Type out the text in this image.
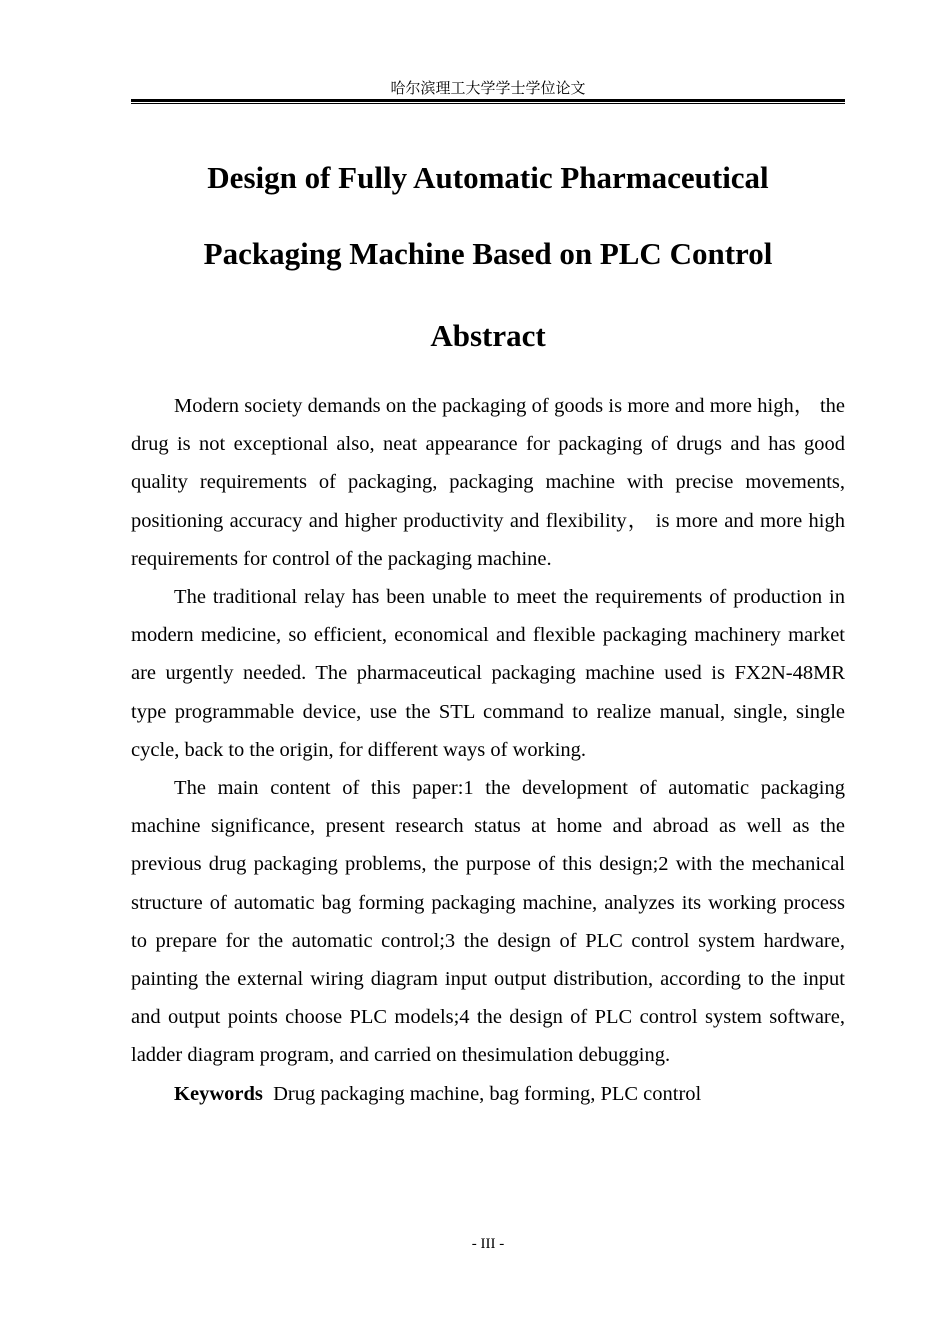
哈尔滨理工大学学士学位论文
Design of Fully Automatic Pharmaceutical
Packaging Machine Based on PLC Control
Abstract

Modern society demands on the packaging of goods is more and more high， the drug is not exceptional also, neat appearance for packaging of drugs and has good quality requirements of packaging, packaging machine with precise movements, positioning accuracy and higher productivity and flexibility， is more and more high requirements for control of the packaging machine.

The traditional relay has been unable to meet the requirements of production in modern medicine, so efficient, economical and flexible packaging machinery market are urgently needed. The pharmaceutical packaging machine used is FX2N-48MR type programmable device, use the STL command to realize manual, single, single cycle, back to the origin, for different ways of working.

The main content of this paper:1 the development of automatic packaging machine significance, present research status at home and abroad as well as the previous drug packaging problems, the purpose of this design;2 with the mechanical structure of automatic bag forming packaging machine, analyzes its working process to prepare for the automatic control;3 the design of PLC control system hardware, painting the external wiring diagram input output distribution, according to the input and output points choose PLC models;4 the design of PLC control system software, ladder diagram program, and carried on thesimulation debugging.

Keywords Drug packaging machine, bag forming, PLC control

- III -
